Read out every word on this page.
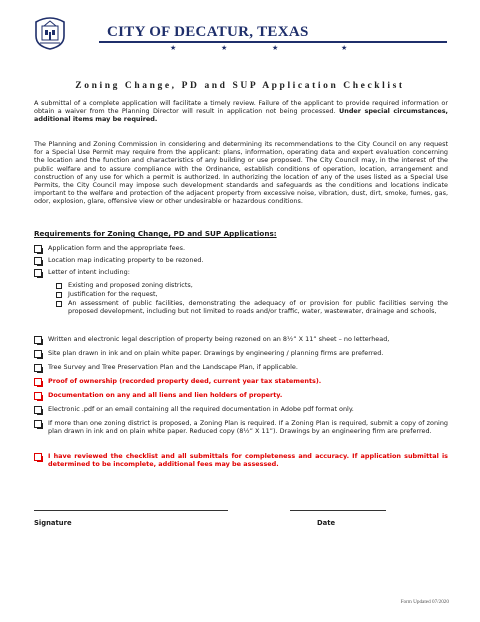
CITY OF DECATUR, TEXAS
★	★	★	★
Zoning Change, PD and SUP Application Checklist
A submittal of a complete application will facilitate a timely review. Failure of the applicant to provide required information or obtain a waiver from the Planning Director will result in application not being processed. Under special circumstances, additional items may be required.
The Planning and Zoning Commission in considering and determining its recommendations to the City Council on any request for a Special Use Permit may require from the applicant: plans, information, operating data and expert evaluation concerning the location and the function and characteristics of any building or use proposed. The City Council may, in the interest of the public welfare and to assure compliance with the Ordinance, establish conditions of operation, location, arrangement and construction of any use for which a permit is authorized. In authorizing the location of any of the uses listed as a Special Use Permits, the City Council may impose such development standards and safeguards as the conditions and locations indicate important to the welfare and protection of the adjacent property from excessive noise, vibration, dust, dirt, smoke, fumes, gas, odor, explosion, glare, offensive view or other undesirable or hazardous conditions.
Requirements for Zoning Change, PD and SUP Applications:
Application form and the appropriate fees.
Location map indicating property to be rezoned.
Letter of intent including:
Existing and proposed zoning districts,
Justification for the request,
An assessment of public facilities, demonstrating the adequacy of or provision for public facilities serving the proposed development, including but not limited to roads and/or traffic, water, wastewater, drainage and schools,
Written and electronic legal description of property being rezoned on an 8½” X 11” sheet – no letterhead,
Site plan drawn in ink and on plain white paper. Drawings by engineering / planning firms are preferred.
Tree Survey and Tree Preservation Plan and the Landscape Plan, if applicable.
Proof of ownership (recorded property deed, current year tax statements).
Documentation on any and all liens and lien holders of property.
Electronic .pdf or an email containing all the required documentation in Adobe pdf format only.
If more than one zoning district is proposed, a Zoning Plan is required. If a Zoning Plan is required, submit a copy of zoning plan drawn in ink and on plain white paper. Reduced copy (8½” X 11”). Drawings by an engineering firm are preferred.
I have reviewed the checklist and all submittals for completeness and accuracy. If application submittal is determined to be incomplete, additional fees may be assessed.
Signature	Date
Form Updated 07/2020
